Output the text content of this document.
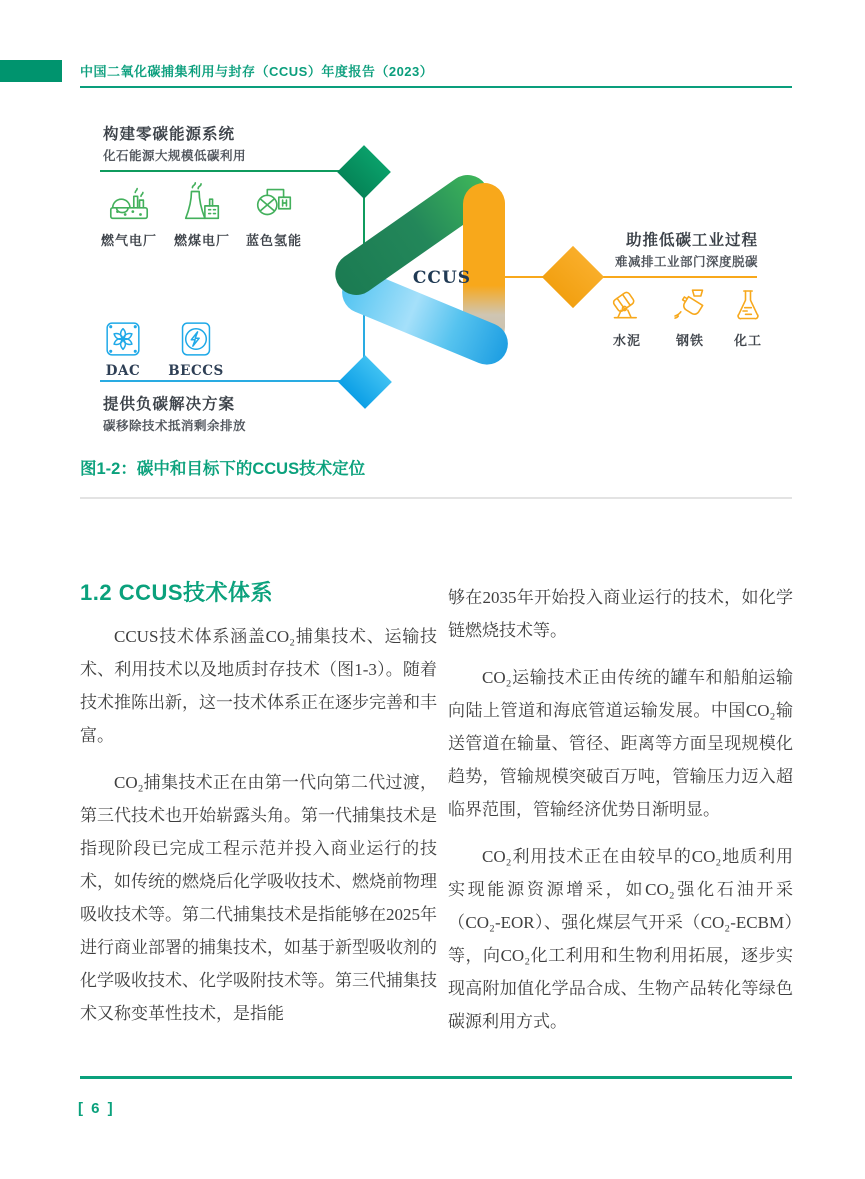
中国二氧化碳捕集利用与封存（CCUS）年度报告（2023）
构建零碳能源系统
化石能源大规模低碳利用
燃气电厂 燃煤电厂 蓝色氢能
CCUS
DAC BECCS
提供负碳解决方案
碳移除技术抵消剩余排放
助推低碳工业过程
难减排工业部门深度脱碳
水泥	钢铁 化工
图1-2：碳中和目标下的CCUS技术定位
1.2 CCUS技术体系

CCUS技术体系涵盖CO₂捕集技术、运输技术、利用技术以及地质封存技术（图1-3）。随着技术推陈出新，这一技术体系正在逐步完善和丰富。

CO₂捕集技术正在由第一代向第二代过渡，第三代技术也开始崭露头角。第一代捕集技术是指现阶段已完成工程示范并投入商业运行的技术，如传统的燃烧后化学吸收技术、燃烧前物理吸收技术等。第二代捕集技术是指能够在2025年进行商业部署的捕集技术，如基于新型吸收剂的化学吸收技术、化学吸附技术等。第三代捕集技术又称变革性技术，是指能

够在2035年开始投入商业运行的技术，如化学链燃烧技术等。

CO₂运输技术正由传统的罐车和船舶运输向陆上管道和海底管道运输发展。中国CO₂输送管道在输量、管径、距离等方面呈现规模化趋势，管输规模突破百万吨，管输压力迈入超临界范围，管输经济优势日渐明显。

CO₂利用技术正在由较早的CO₂地质利用实现能源资源增采，如CO₂强化石油开采（CO₂-EOR）、强化煤层气开采（CO₂-ECBM）等，向CO₂化工利用和生物利用拓展，逐步实现高附加值化学品合成、生物产品转化等绿色碳源利用方式。

[ 6 ]
